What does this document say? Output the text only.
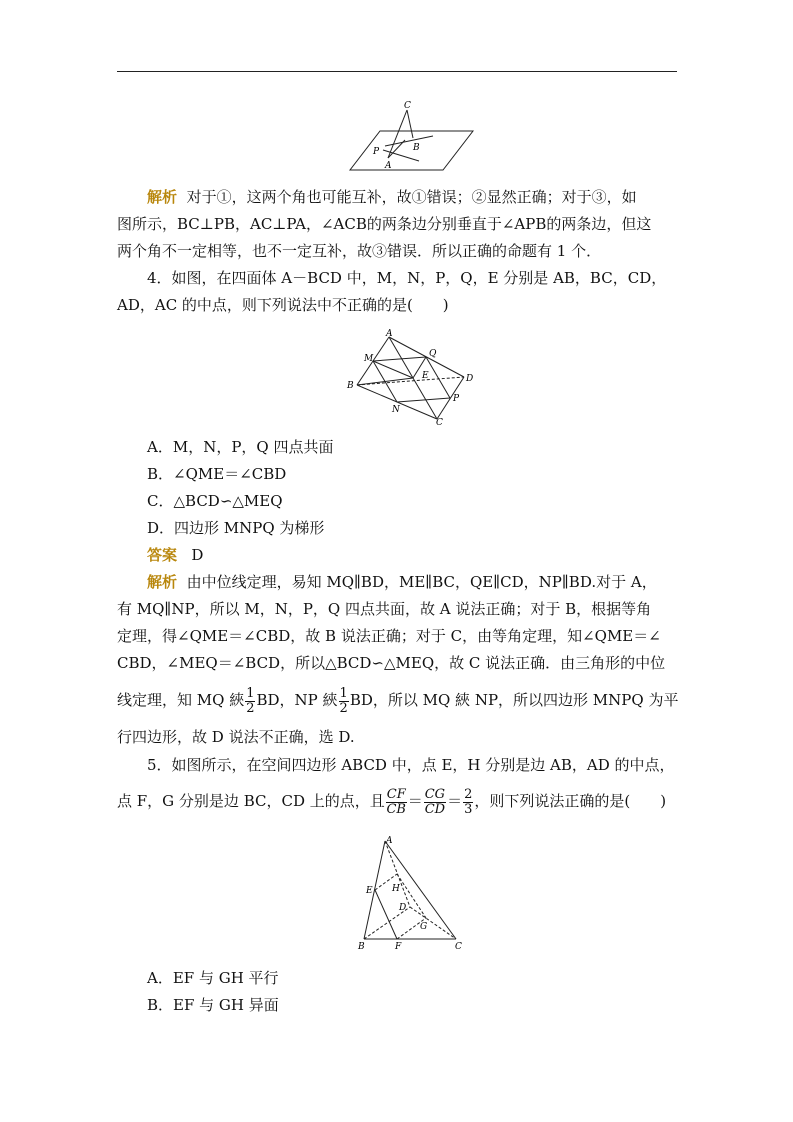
C
P	B
A
解析 对于①，这两个角也可能互补，故①错误；②显然正确；对于③，如
图所示，BC⊥PB，AC⊥PA，∠ACB的两条边分别垂直于∠APB的两条边，但这
两个角不一定相等，也不一定互补，故③错误．所以正确的命题有 1 个．
4．如图，在四面体 A－BCD 中，M，N，P，Q，E 分别是 AB，BC，CD，
AD，AC 的中点，则下列说法中不正确的是(　　)
A
M	Q
E	D
B
N
P
C
A．M，N，P，Q 四点共面
B．∠QME＝∠CBD
C．△BCD∽△MEQ
D．四边形 MNPQ 为梯形
答案 D
解析 由中位线定理，易知 MQ∥BD，ME∥BC，QE∥CD，NP∥BD.对于 A，
有 MQ∥NP，所以 M，N，P，Q 四点共面，故 A 说法正确；对于 B，根据等角
定理，得∠QME＝∠CBD，故 B 说法正确；对于 C，由等角定理，知∠QME＝∠
CBD，∠MEQ＝∠BCD，所以△BCD∽△MEQ，故 C 说法正确．由三角形的中位
线定理，知 MQ 綊 $\frac{1}{2}$ BD，NP 綊 $\frac{1}{2}$ BD，所以 MQ 綊 NP，所以四边形 MNPQ 为平
行四边形，故 D 说法不正确，选 D.
5．如图所示，在空间四边形 ABCD 中，点 E，H 分别是边 AB，AD 的中点，
点 F，G 分别是边 BC，CD 上的点，且 $\frac{CF}{CB} = \frac{CG}{CD} = \frac{2}{3}$ ，则下列说法正确的是(　　)
A
E H
D
G
B	F	C
A．EF 与 GH 平行
B．EF 与 GH 异面
